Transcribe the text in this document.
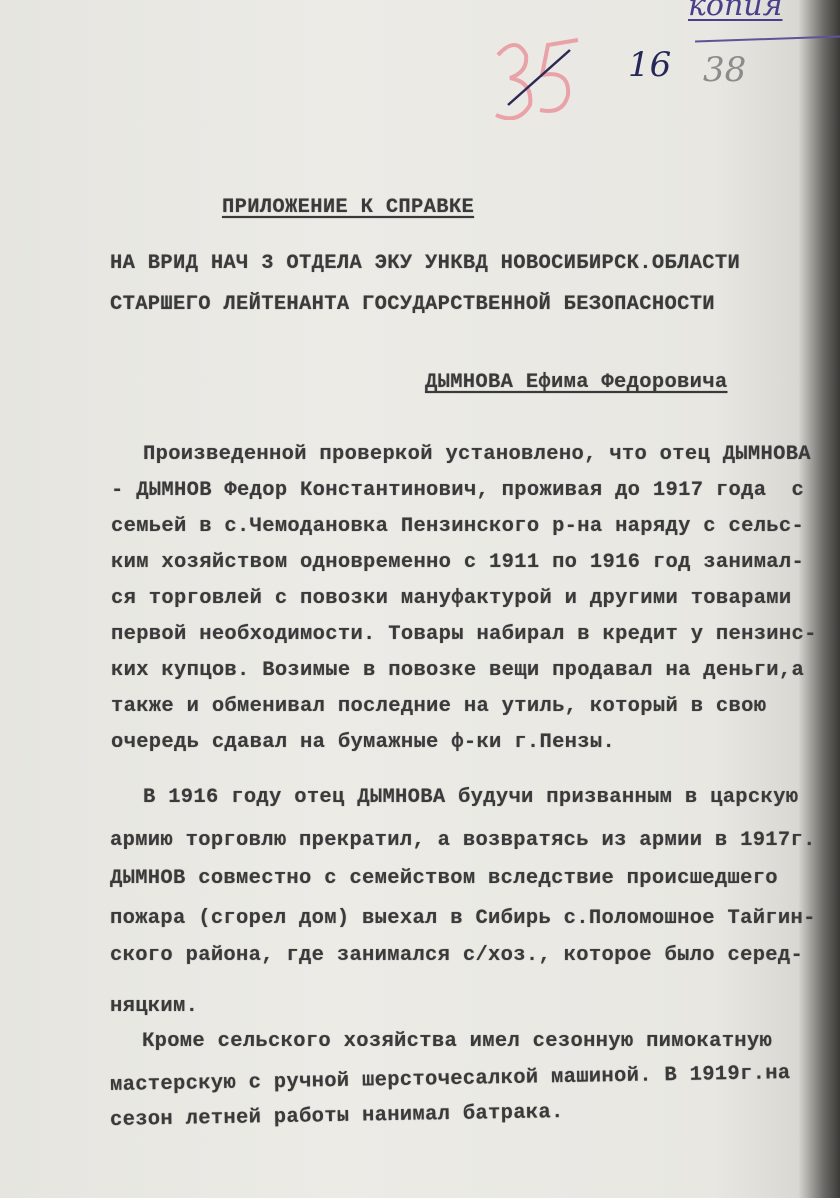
16 38
копия
ПРИЛОЖЕНИЕ К СПРАВКЕ
НА ВРИД НАЧ 3 ОТДЕЛА ЭКУ УНКВД НОВОСИБИРСК.ОБЛАСТИ
СТАРШЕГО ЛЕЙТЕНАНТА ГОСУДАРСТВЕННОЙ БЕЗОПАСНОСТИ
ДЫМНОВА Ефима Федоровича
Произведенной проверкой установлено, что отец ДЫМНОВА
- ДЫМНОВ Федор Константинович, проживая до 1917 года  с
семьей в с.Чемодановка Пензинского р-на наряду с сельс-
ким хозяйством одновременно с 1911 по 1916 год занимал-
ся торговлей с повозки мануфактурой и другими товарами
первой необходимости. Товары набирал в кредит у пензинс-
ких купцов. Возимые в повозке вещи продавал на деньги,а
также и обменивал последние на утиль, который в свою
очередь сдавал на бумажные ф-ки г.Пензы.
В 1916 году отец ДЫМНОВА будучи призванным в царскую
армию торговлю прекратил, а возвратясь из армии в 1917г.
ДЫМНОВ совместно с семейством вследствие происшедшего
пожара (сгорел дом) выехал в Сибирь с.Поломошное Тайгин-
ского района, где занимался с/хоз., которое было серед-
няцким.
Кроме сельского хозяйства имел сезонную пимокатную
мастерскую с ручной шерсточесалкой машиной. В 1919г.на
сезон летней работы нанимал батрака.
